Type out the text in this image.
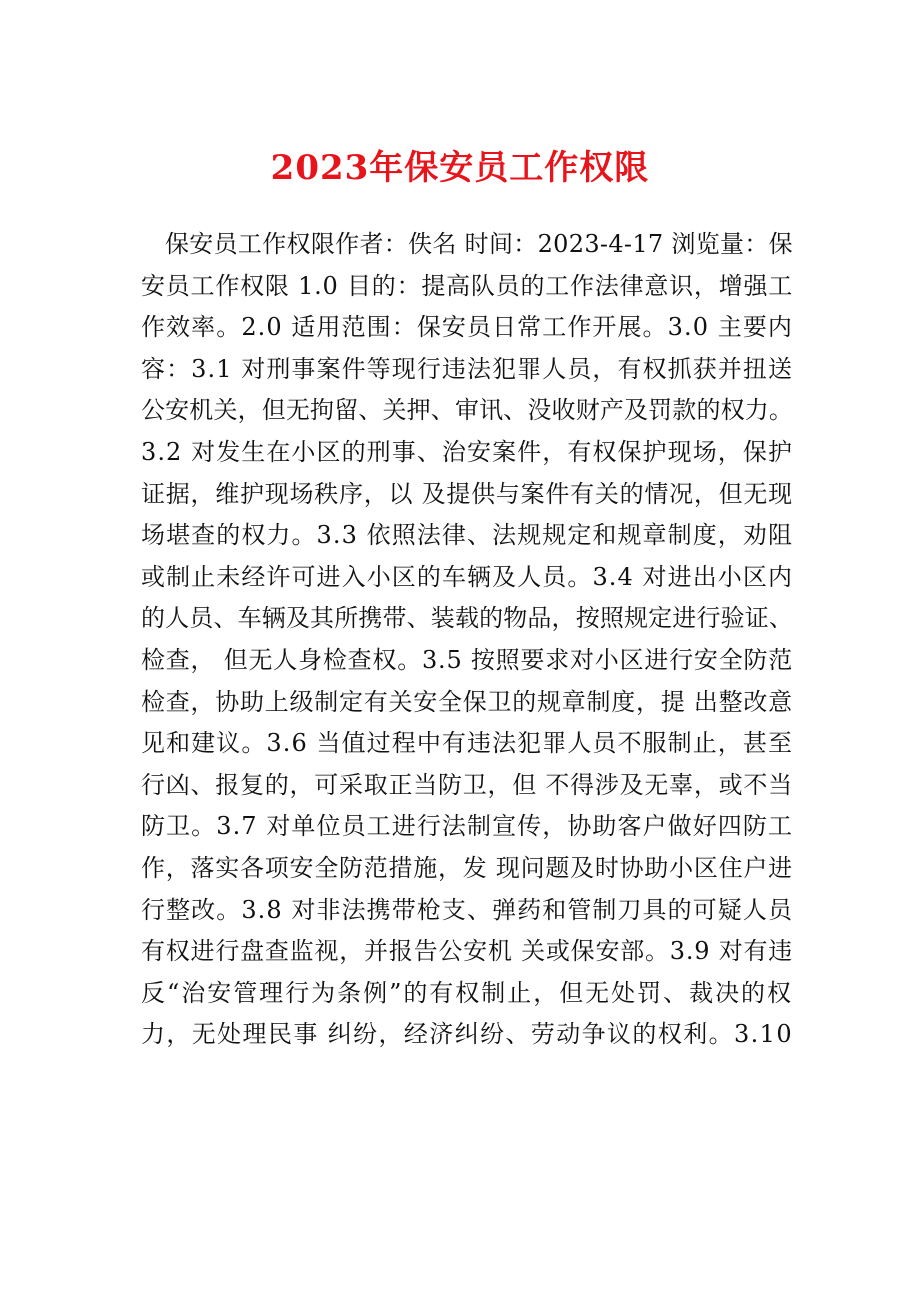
2023年保安员工作权限
保安员工作权限作者：佚名 时间：2023-4-17 浏览量：保
安员工作权限 1.0 目的：提高队员的工作法律意识，增强工
作效率。2.0 适用范围：保安员日常工作开展。3.0 主要内
容：3.1 对刑事案件等现行违法犯罪人员，有权抓获并扭送
公安机关，但无拘留、关押、审讯、没收财产及罚款的权力。
3.2 对发生在小区的刑事、治安案件，有权保护现场，保护
证据，维护现场秩序，以 及提供与案件有关的情况，但无现
场堪查的权力。3.3 依照法律、法规规定和规章制度，劝阻
或制止未经许可进入小区的车辆及人员。3.4 对进出小区内
的人员、车辆及其所携带、装载的物品，按照规定进行验证、
检查， 但无人身检查权。3.5 按照要求对小区进行安全防范
检查，协助上级制定有关安全保卫的规章制度，提 出整改意
见和建议。3.6 当值过程中有违法犯罪人员不服制止，甚至
行凶、报复的，可采取正当防卫，但 不得涉及无辜，或不当
防卫。3.7 对单位员工进行法制宣传，协助客户做好四防工
作，落实各项安全防范措施，发 现问题及时协助小区住户进
行整改。3.8 对非法携带枪支、弹药和管制刀具的可疑人员
有权进行盘查监视，并报告公安机 关或保安部。3.9 对有违
反“治安管理行为条例”的有权制止，但无处罚、裁决的权
力，无处理民事 纠纷，经济纠纷、劳动争议的权利。3.10
